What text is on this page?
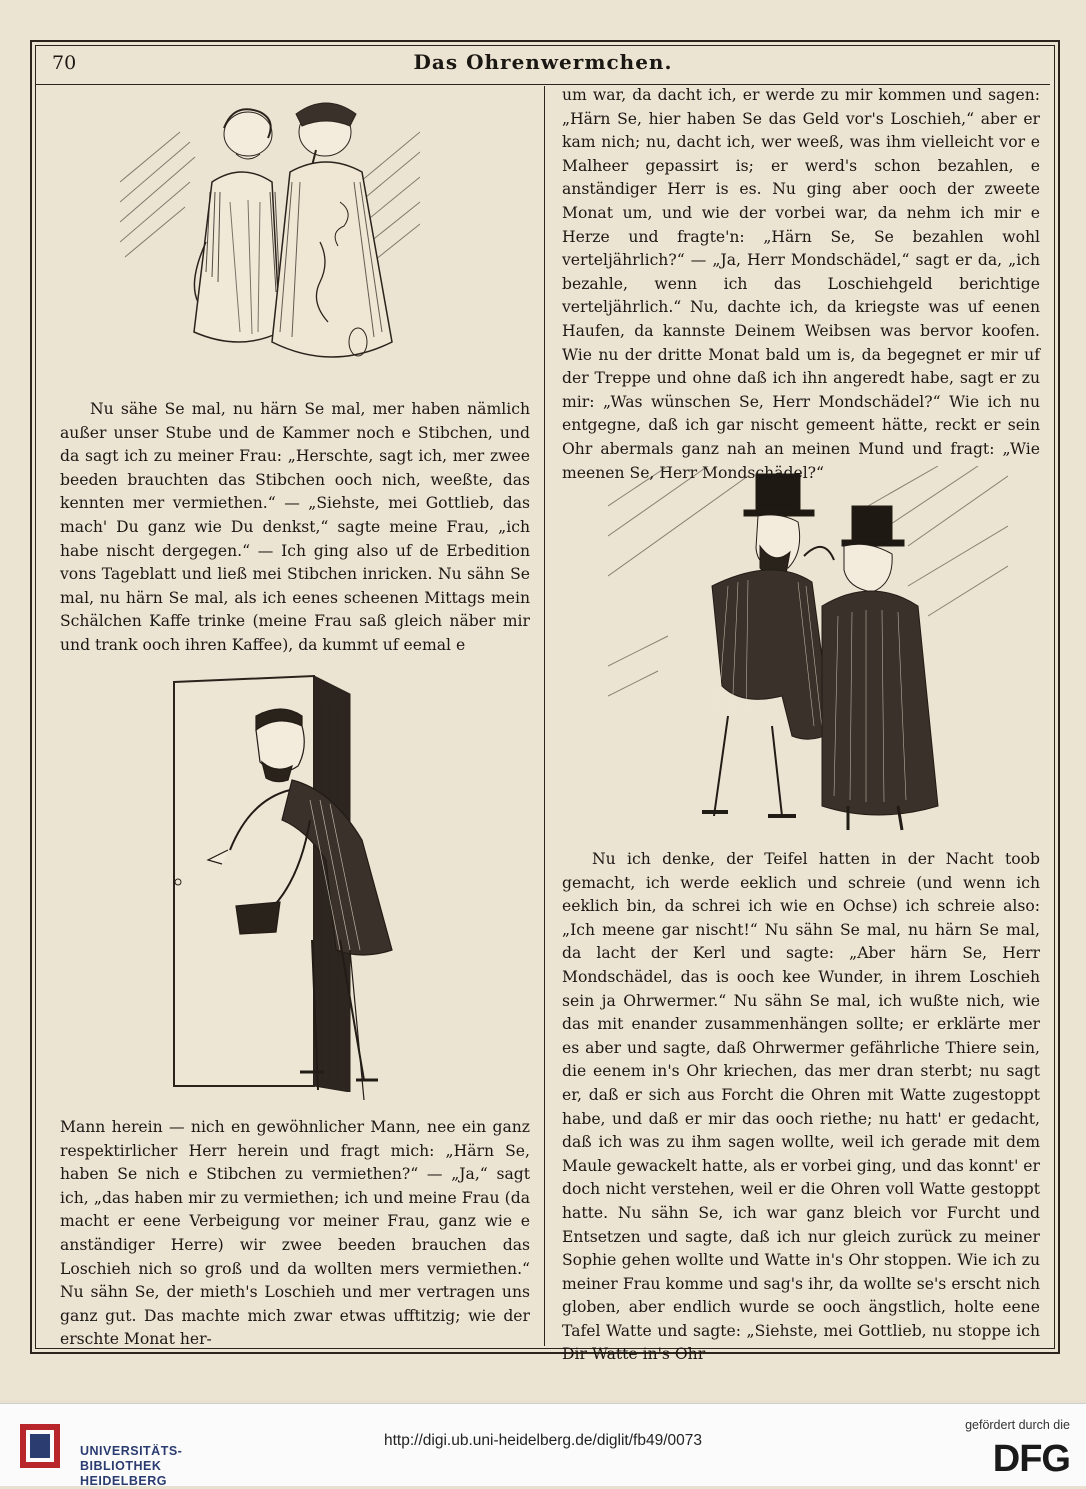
70	Das Ohrenwermchen.

Nu sähe Se mal, nu härn Se mal, mer haben nämlich außer unser Stube und de Kammer noch e Stibchen, und da sagt ich zu meiner Frau: „Herschte, sagt ich, mer zwee beeden brauchten das Stibchen ooch nich, weeßte, das kennten mer vermiethen.“ — „Siehste, mei Gottlieb, das mach' Du ganz wie Du denkst,“ sagte meine Frau, „ich habe nischt dergegen.“ — Ich ging also uf de Erbedition vons Tageblatt und ließ mei Stibchen inricken. Nu sähn Se mal, nu härn Se mal, als ich eenes scheenen Mittags mein Schälchen Kaffe trinke (meine Frau saß gleich näber mir und trank ooch ihren Kaffee), da kummt uf eemal e

Mann herein — nich en gewöhnlicher Mann, nee ein ganz respektirlicher Herr herein und fragt mich: „Härn Se, haben Se nich e Stibchen zu vermiethen?“ — „Ja,“ sagt ich, „das haben mir zu vermiethen; ich und meine Frau (da macht er eene Verbeigung vor meiner Frau, ganz wie e anständiger Herre) wir zwee beeden brauchen das Loschieh nich so groß und da wollten mers vermiethen.“ Nu sähn Se, der mieth's Loschieh und mer vertragen uns ganz gut. Das machte mich zwar etwas ufftitzig; wie der erschte Monat her-

um war, da dacht ich, er werde zu mir kommen und sagen: „Härn Se, hier haben Se das Geld vor's Loschieh,“ aber er kam nich; nu, dacht ich, wer weeß, was ihm vielleicht vor e Malheer gepassirt is; er werd's schon bezahlen, e anständiger Herr is es. Nu ging aber ooch der zweete Monat um, und wie der vorbei war, da nehm ich mir e Herze und fragte'n: „Härn Se, Se bezahlen wohl verteljährlich?“ — „Ja, Herr Mondschädel,“ sagt er da, „ich bezahle, wenn ich das Loschiehgeld berichtige verteljährlich.“ Nu, dachte ich, da kriegste was uf eenen Haufen, da kannste Deinem Weibsen was bervor koofen. Wie nu der dritte Monat bald um is, da begegnet er mir uf der Treppe und ohne daß ich ihn angeredt habe, sagt er zu mir: „Was wünschen Se, Herr Mondschädel?“ Wie ich nu entgegne, daß ich gar nischt gemeent hätte, reckt er sein Ohr abermals ganz nah an meinen Mund und fragt: „Wie meenen Se, Herr Mondschädel?“

Nu ich denke, der Teifel hatten in der Nacht toob gemacht, ich werde eeklich und schreie (und wenn ich eeklich bin, da schrei ich wie en Ochse) ich schreie also: „Ich meene gar nischt!“ Nu sähn Se mal, nu härn Se mal, da lacht der Kerl und sagte: „Aber härn Se, Herr Mondschädel, das is ooch kee Wunder, in ihrem Loschieh sein ja Ohrwermer.“ Nu sähn Se mal, ich wußte nich, wie das mit enander zusammenhängen sollte; er erklärte mer es aber und sagte, daß Ohrwermer gefährliche Thiere sein, die eenem in's Ohr kriechen, das mer dran sterbt; nu sagt er, daß er sich aus Forcht die Ohren mit Watte zugestoppt habe, und daß er mir das ooch riethe; nu hatt' er gedacht, daß ich was zu ihm sagen wollte, weil ich gerade mit dem Maule gewackelt hatte, als er vorbei ging, und das konnt' er doch nicht verstehen, weil er die Ohren voll Watte gestoppt hatte. Nu sähn Se, ich war ganz bleich vor Furcht und Entsetzen und sagte, daß ich nur gleich zurück zu meiner Sophie gehen wollte und Watte in's Ohr stoppen. Wie ich zu meiner Frau komme und sag's ihr, da wollte se's erscht nich globen, aber endlich wurde se ooch ängstlich, holte eene Tafel Watte und sagte: „Siehste, mei Gottlieb, nu stoppe ich Dir Watte in's Ohr

UNIVERSITÄTS-
BIBLIOTHEK
HEIDELBERG
http://digi.ub.uni-heidelberg.de/diglit/fb49/0073
gefördert durch die
DFG
